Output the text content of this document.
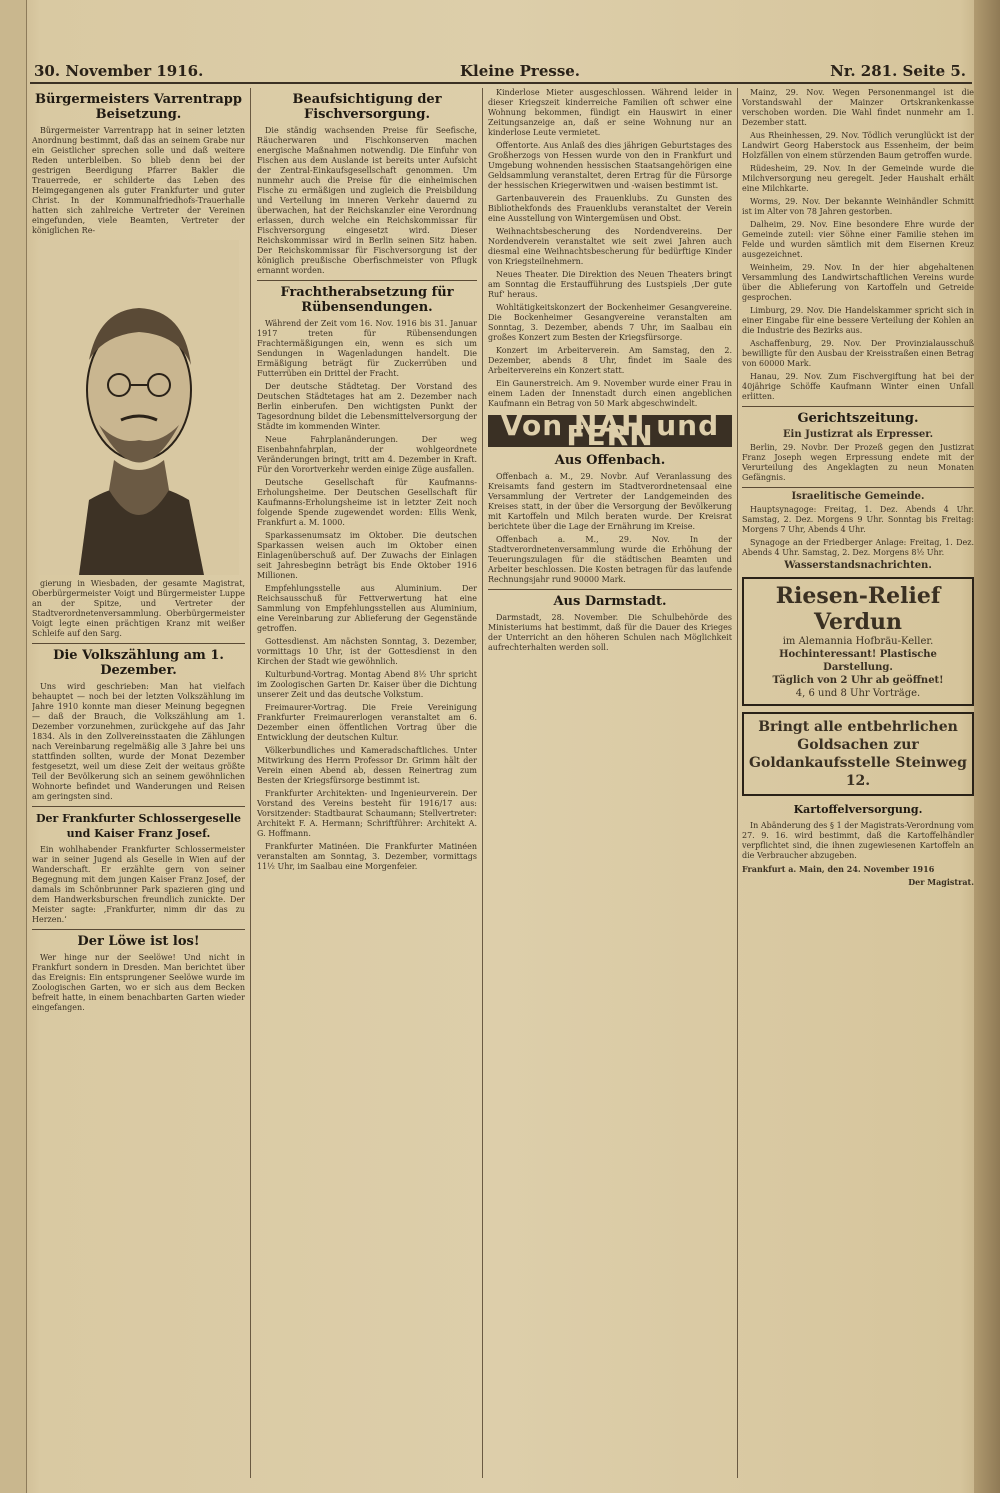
30. November 1916.	Kleine Presse.	Nr. 281. Seite 5.
Bürgermeisters Varrentrapp Beisetzung.

Bürgermeister Varrentrapp hat in seiner letzten Anordnung bestimmt, daß das an seinem Grabe nur ein Geistlicher sprechen solle und daß weitere Reden unterbleiben. So blieb denn bei der gestrigen Beerdigung Pfarrer Bakler die Trauerrede, er schilderte das Leben des Heimgegangenen als guter Frankfurter und guter Christ. In der Kommunalfriedhofs-Trauerhalle hatten sich zahlreiche Vertreter der Vereinen eingefunden, viele Beamten, Vertreter der königlichen Re-

gierung in Wiesbaden, der gesamte Magistrat, Oberbürgermeister Voigt und Bürgermeister Luppe an der Spitze, und Vertreter der Stadtverordnetenversammlung. Oberbürgermeister Voigt legte einen prächtigen Kranz mit weißer Schleife auf den Sarg.

Die Volkszählung am 1. Dezember.

Uns wird geschrieben: Man hat vielfach behauptet — noch bei der letzten Volkszählung im Jahre 1910 konnte man dieser Meinung begegnen — daß der Brauch, die Volkszählung am 1. Dezember vorzunehmen, zurückgehe auf das Jahr 1834. Als in den Zollvereinsstaaten die Zählungen nach Vereinbarung regelmäßig alle 3 Jahre bei uns stattfinden sollten, wurde der Monat Dezember festgesetzt, weil um diese Zeit der weitaus größte Teil der Bevölkerung sich an seinem gewöhnlichen Wohnorte befindet und Wanderungen und Reisen am geringsten sind.

Der Frankfurter Schlossergeselle und Kaiser Franz Josef.

Ein wohlhabender Frankfurter Schlossermeister war in seiner Jugend als Geselle in Wien auf der Wanderschaft. Er erzählte gern von seiner Begegnung mit dem jungen Kaiser Franz Josef, der damals im Schönbrunner Park spazieren ging und dem Handwerksburschen freundlich zunickte. Der Meister sagte: ‚Frankfurter, nimm dir das zu Herzen.‘

Der Löwe ist los!

Wer hinge nur der Seelöwe! Und nicht in Frankfurt sondern in Dresden. Man berichtet über das Ereignis: Ein entsprungener Seelöwe wurde im Zoologischen Garten, wo er sich aus dem Becken befreit hatte, in einem benachbarten Garten wieder eingefangen.

Beaufsichtigung der Fischversorgung.

Die ständig wachsenden Preise für Seefische, Räucherwaren und Fischkonserven machen energische Maßnahmen notwendig. Die Einfuhr von Fischen aus dem Auslande ist bereits unter Aufsicht der Zentral-Einkaufsgesellschaft genommen. Um nunmehr auch die Preise für die einheimischen Fische zu ermäßigen und zugleich die Preisbildung und Verteilung im inneren Verkehr dauernd zu überwachen, hat der Reichskanzler eine Verordnung erlassen, durch welche ein Reichskommissar für Fischversorgung eingesetzt wird. Dieser Reichskommissar wird in Berlin seinen Sitz haben. Der Reichskommissar für Fischversorgung ist der königlich preußische Oberfischmeister von Pflugk ernannt worden.

Frachtherabsetzung für Rübensendungen.

Während der Zeit vom 16. Nov. 1916 bis 31. Januar 1917 treten für Rübensendungen Frachtermäßigungen ein, wenn es sich um Sendungen in Wagenladungen handelt. Die Ermäßigung beträgt für Zuckerrüben und Futterrüben ein Drittel der Fracht.

Der deutsche Städtetag. Der Vorstand des Deutschen Städtetages hat am 2. Dezember nach Berlin einberufen. Den wichtigsten Punkt der Tagesordnung bildet die Lebensmittelversorgung der Städte im kommenden Winter.

Neue Fahrplanänderungen. Der weg Eisenbahnfahrplan, der wohlgeordnete Veränderungen bringt, tritt am 4. Dezember in Kraft. Für den Vorortverkehr werden einige Züge ausfallen.

Deutsche Gesellschaft für Kaufmanns-Erholungsheime. Der Deutschen Gesellschaft für Kaufmanns-Erholungsheime ist in letzter Zeit noch folgende Spende zugewendet worden: Ellis Wenk, Frankfurt a. M. 1000.

Sparkassenumsatz im Oktober. Die deutschen Sparkassen weisen auch im Oktober einen Einlagenüberschuß auf. Der Zuwachs der Einlagen seit Jahresbeginn beträgt bis Ende Oktober 1916 Millionen.

Empfehlungsstelle aus Aluminium. Der Reichsausschuß für Fettverwertung hat eine Sammlung von Empfehlungsstellen aus Aluminium, eine Vereinbarung zur Ablieferung der Gegenstände getroffen.

Gottesdienst. Am nächsten Sonntag, 3. Dezember, vormittags 10 Uhr, ist der Gottesdienst in den Kirchen der Stadt wie gewöhnlich.

Kulturbund-Vortrag. Montag Abend 8½ Uhr spricht im Zoologischen Garten Dr. Kaiser über die Dichtung unserer Zeit und das deutsche Volkstum.

Freimaurer-Vortrag. Die Freie Vereinigung Frankfurter Freimaurerlogen veranstaltet am 6. Dezember einen öffentlichen Vortrag über die Entwicklung der deutschen Kultur.

Völkerbundliches und Kameradschaftliches. Unter Mitwirkung des Herrn Professor Dr. Grimm hält der Verein einen Abend ab, dessen Reinertrag zum Besten der Kriegsfürsorge bestimmt ist.

Frankfurter Architekten- und Ingenieurverein. Der Vorstand des Vereins besteht für 1916/17 aus: Vorsitzender: Stadtbaurat Schaumann; Stellvertreter: Architekt F. A. Hermann; Schriftführer: Architekt A. G. Hoffmann.

Frankfurter Matinéen. Die Frankfurter Matinéen veranstalten am Sonntag, 3. Dezember, vormittags 11½ Uhr, im Saalbau eine Morgenfeier.

Kinderlose Mieter ausgeschlossen. Während leider in dieser Kriegszeit kinderreiche Familien oft schwer eine Wohnung bekommen, fündigt ein Hauswirt in einer Zeitungsanzeige an, daß er seine Wohnung nur an kinderlose Leute vermietet.

Offentorte. Aus Anlaß des dies jährigen Geburtstages des Großherzogs von Hessen wurde von den in Frankfurt und Umgebung wohnenden hessischen Staatsangehörigen eine Geldsammlung veranstaltet, deren Ertrag für die Fürsorge der hessischen Kriegerwitwen und -waisen bestimmt ist.

Gartenbauverein des Frauenklubs. Zu Gunsten des Bibliothekfonds des Frauenklubs veranstaltet der Verein eine Ausstellung von Wintergemüsen und Obst.

Weihnachtsbescherung des Nordendvereins. Der Nordendverein veranstaltet wie seit zwei Jahren auch diesmal eine Weihnachtsbescherung für bedürftige Kinder von Kriegsteilnehmern.

Neues Theater. Die Direktion des Neuen Theaters bringt am Sonntag die Erstaufführung des Lustspiels ‚Der gute Ruf‘ heraus.

Wohltätigkeitskonzert der Bockenheimer Gesangvereine. Die Bockenheimer Gesangvereine veranstalten am Sonntag, 3. Dezember, abends 7 Uhr, im Saalbau ein großes Konzert zum Besten der Kriegsfürsorge.

Konzert im Arbeiterverein. Am Samstag, den 2. Dezember, abends 8 Uhr, findet im Saale des Arbeitervereins ein Konzert statt.

Ein Gaunerstreich. Am 9. November wurde einer Frau in einem Laden der Innenstadt durch einen angeblichen Kaufmann ein Betrag von 50 Mark abgeschwindelt.

Von NAH und FERN
Aus Offenbach.

Offenbach a. M., 29. Novbr. Auf Veranlassung des Kreisamts fand gestern im Stadtverordnetensaal eine Versammlung der Vertreter der Landgemeinden des Kreises statt, in der über die Versorgung der Bevölkerung mit Kartoffeln und Milch beraten wurde. Der Kreisrat berichtete über die Lage der Ernährung im Kreise.

Offenbach a. M., 29. Nov. In der Stadtverordnetenversammlung wurde die Erhöhung der Teuerungszulagen für die städtischen Beamten und Arbeiter beschlossen. Die Kosten betragen für das laufende Rechnungsjahr rund 90000 Mark.

Aus Darmstadt.

Darmstadt, 28. November. Die Schulbehörde des Ministeriums hat bestimmt, daß für die Dauer des Krieges der Unterricht an den höheren Schulen nach Möglichkeit aufrechterhalten werden soll.

Mainz, 29. Nov. Wegen Personenmangel ist die Vorstandswahl der Mainzer Ortskrankenkasse verschoben worden. Die Wahl findet nunmehr am 1. Dezember statt.

Aus Rheinhessen, 29. Nov. Tödlich verunglückt ist der Landwirt Georg Haberstock aus Essenheim, der beim Holzfällen von einem stürzenden Baum getroffen wurde.

Rüdesheim, 29. Nov. In der Gemeinde wurde die Milchversorgung neu geregelt. Jeder Haushalt erhält eine Milchkarte.

Worms, 29. Nov. Der bekannte Weinhändler Schmitt ist im Alter von 78 Jahren gestorben.

Dalheim, 29. Nov. Eine besondere Ehre wurde der Gemeinde zuteil: vier Söhne einer Familie stehen im Felde und wurden sämtlich mit dem Eisernen Kreuz ausgezeichnet.

Weinheim, 29. Nov. In der hier abgehaltenen Versammlung des Landwirtschaftlichen Vereins wurde über die Ablieferung von Kartoffeln und Getreide gesprochen.

Limburg, 29. Nov. Die Handelskammer spricht sich in einer Eingabe für eine bessere Verteilung der Kohlen an die Industrie des Bezirks aus.

Aschaffenburg, 29. Nov. Der Provinzialausschuß bewilligte für den Ausbau der Kreisstraßen einen Betrag von 60000 Mark.

Hanau, 29. Nov. Zum Fischvergiftung hat bei der 40jährige Schöffe Kaufmann Winter einen Unfall erlitten.

Gerichtszeitung.
Ein Justizrat als Erpresser.

Berlin, 29. Novbr. Der Prozeß gegen den Justizrat Franz Joseph wegen Erpressung endete mit der Verurteilung des Angeklagten zu neun Monaten Gefängnis.

Israelitische Gemeinde.

Hauptsynagoge: Freitag, 1. Dez. Abends 4 Uhr. Samstag, 2. Dez. Morgens 9 Uhr. Sonntag bis Freitag: Morgens 7 Uhr, Abends 4 Uhr.

Synagoge an der Friedberger Anlage: Freitag, 1. Dez. Abends 4 Uhr. Samstag, 2. Dez. Morgens 8½ Uhr.

Wasserstandsnachrichten.
Riesen-Relief Verdun
im Alemannia Hofbräu-Keller.
Hochinteressant! Plastische Darstellung.
Täglich von 2 Uhr ab geöffnet!
4, 6 und 8 Uhr Vorträge.
Bringt alle entbehrlichen Goldsachen zur Goldankaufsstelle Steinweg 12.
Kartoffelversorgung.

In Abänderung des § 1 der Magistrats-Verordnung vom 27. 9. 16. wird bestimmt, daß die Kartoffelhändler verpflichtet sind, die ihnen zugewiesenen Kartoffeln an die Verbraucher abzugeben.

Frankfurt a. Main, den 24. November 1916

Der Magistrat.
